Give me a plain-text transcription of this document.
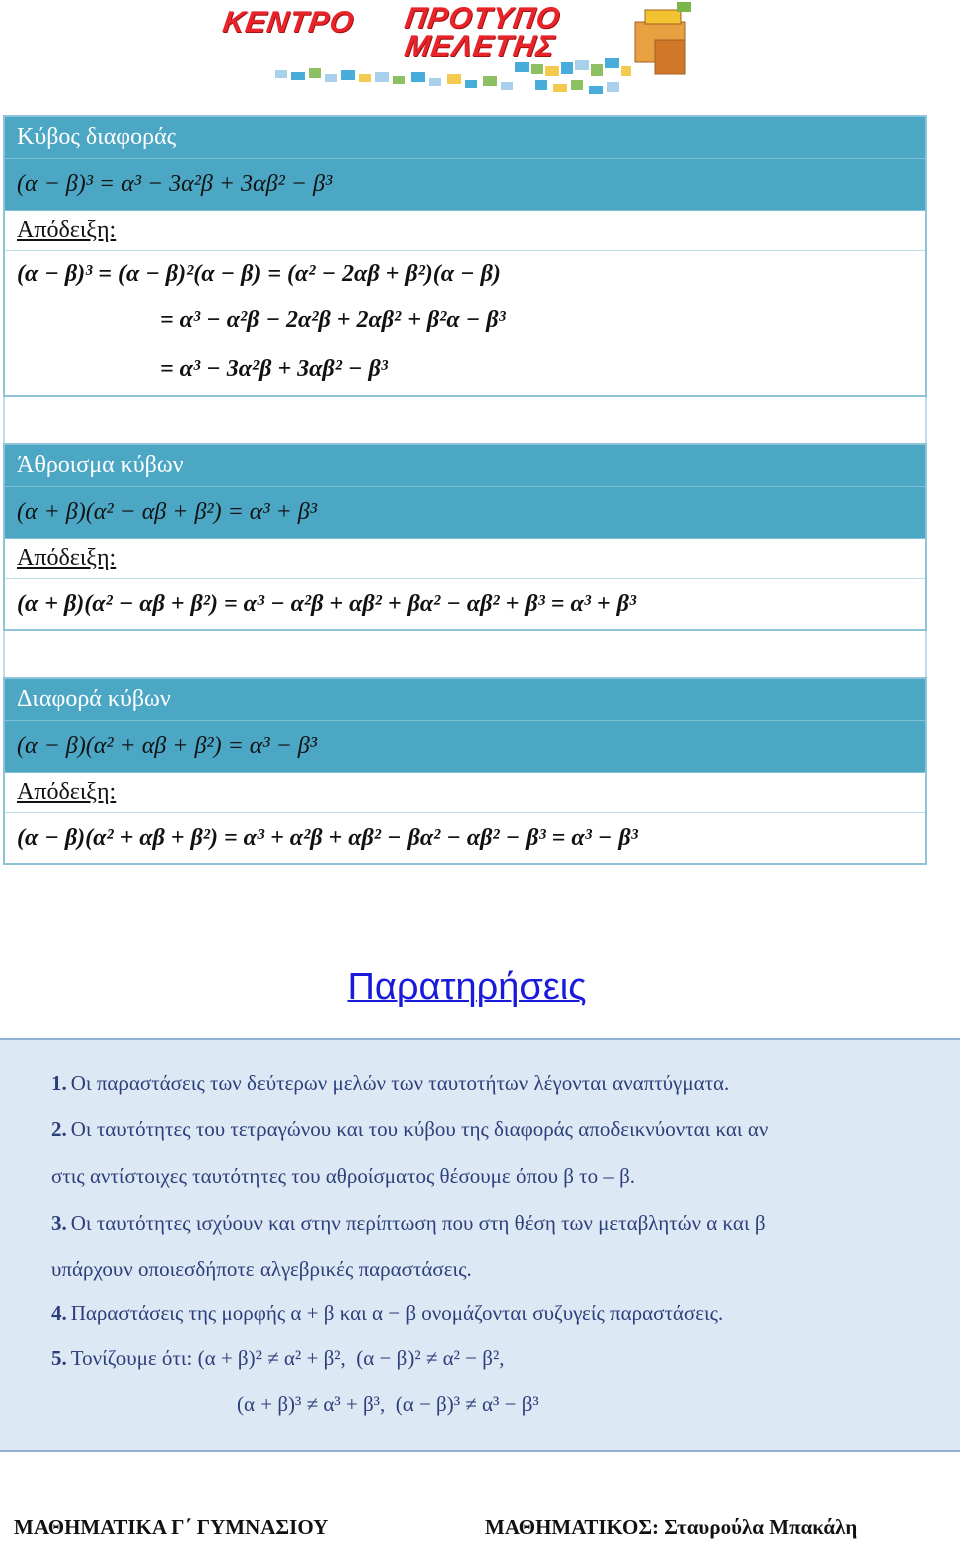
ΚΕΝΤΡΟ ΠΡΟΤΥΠΟ
ΜΕΛΕΤΗΣ
Κύβος διαφοράς
(α − β)³ = α³ − 3α²β + 3αβ² − β³
Απόδειξη:
(α − β)³ = (α − β)²(α − β) = (α² − 2αβ + β²)(α − β)
= α³ − α²β − 2α²β + 2αβ² + β²α − β³
= α³ − 3α²β + 3αβ² − β³
Άθροισμα κύβων
(α + β)(α² − αβ + β²) = α³ + β³
Απόδειξη:
(α + β)(α² − αβ + β²) = α³ − α²β + αβ² + βα² − αβ² + β³ = α³ + β³
Διαφορά κύβων
(α − β)(α² + αβ + β²) = α³ − β³
Απόδειξη:
(α − β)(α² + αβ + β²) = α³ + α²β + αβ² − βα² − αβ² − β³ = α³ − β³
Παρατηρήσεις

1. Οι παραστάσεις των δεύτερων μελών των ταυτοτήτων λέγονται αναπτύγματα.

2. Οι ταυτότητες του τετραγώνου και του κύβου της διαφοράς αποδεικνύονται και αν

στις αντίστοιχες ταυτότητες του αθροίσματος θέσουμε όπου β το – β.

3. Οι ταυτότητες ισχύουν και στην περίπτωση που στη θέση των μεταβλητών α και β

υπάρχουν οποιεσδήποτε αλγεβρικές παραστάσεις.

4. Παραστάσεις της μορφής α + β και α − β ονομάζονται συζυγείς παραστάσεις.

5. Τονίζουμε ότι: (α + β)² ≠ α² + β²,  (α − β)² ≠ α² − β²,

(α + β)³ ≠ α³ + β³,  (α − β)³ ≠ α³ − β³

ΜΑΘΗΜΑΤΙΚΑ Γ΄ ΓΥΜΝΑΣΙΟΥ	ΜΑΘΗΜΑΤΙΚΟΣ: Σταυρούλα Μπακάλη
